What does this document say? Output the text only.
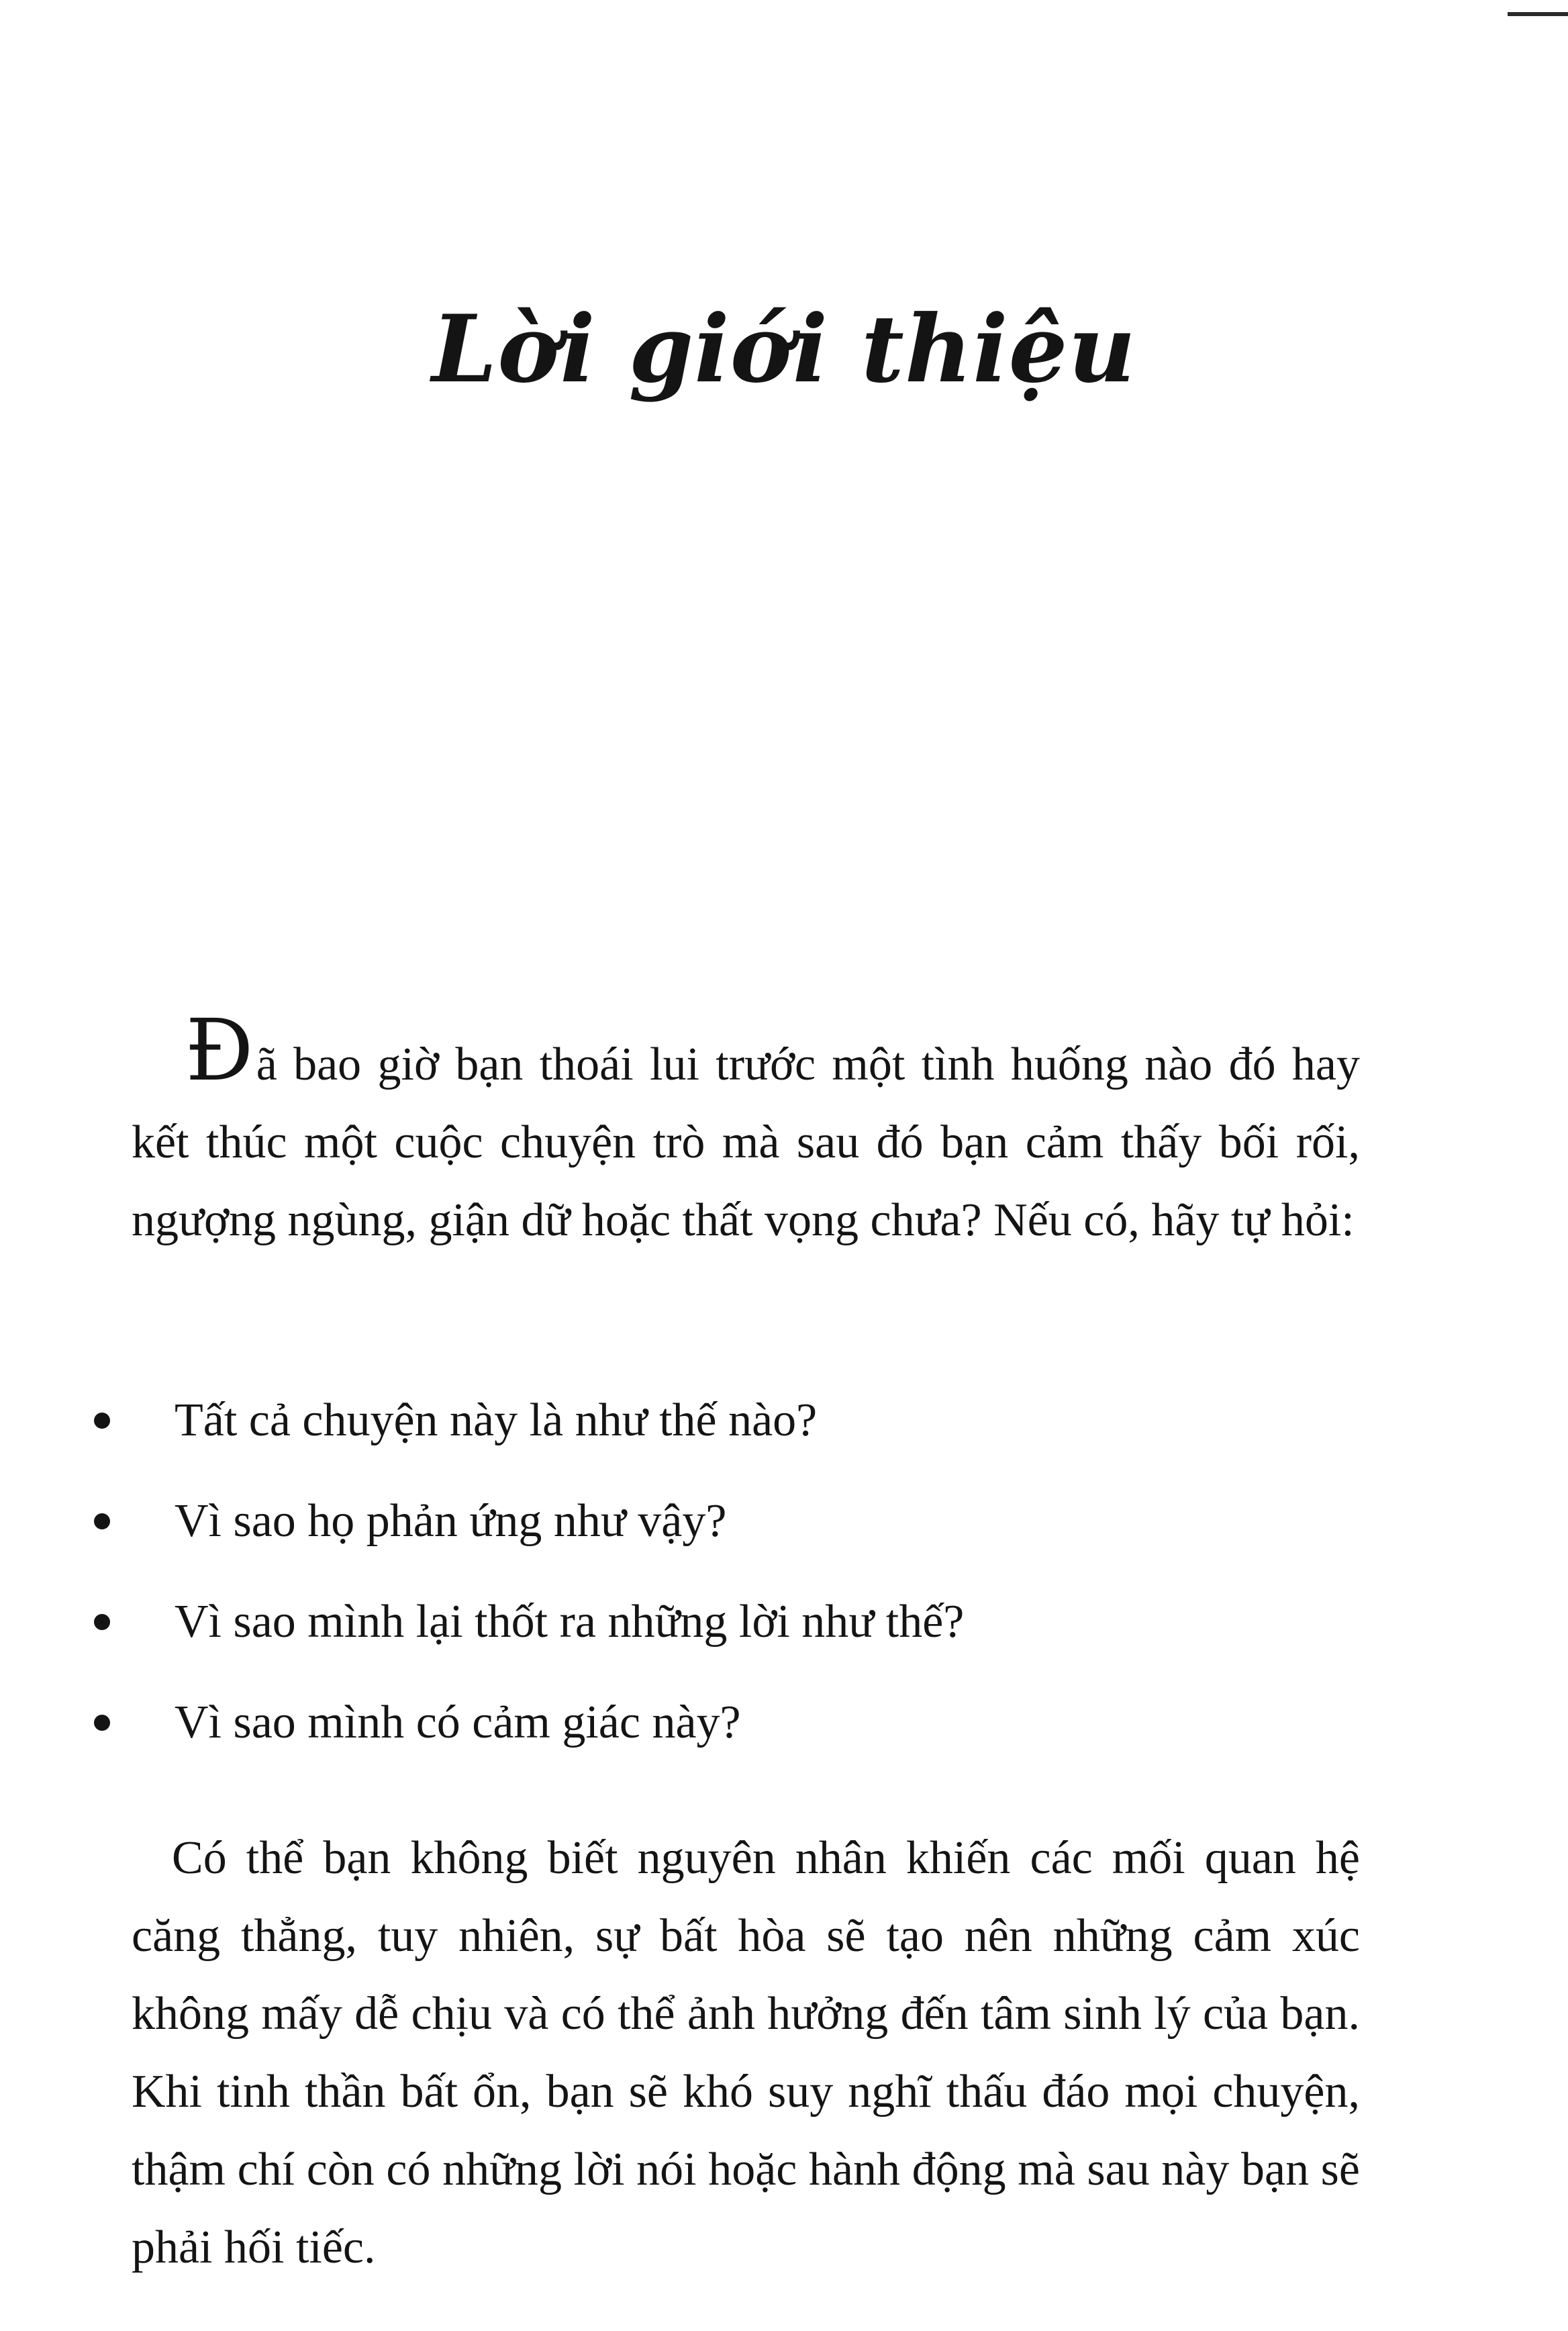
Lời giới thiệu

Đã bao giờ bạn thoái lui trước một tình huống nào đó hay kết thúc một cuộc chuyện trò mà sau đó bạn cảm thấy bối rối, ngượng ngùng, giận dữ hoặc thất vọng chưa? Nếu có, hãy tự hỏi:

Tất cả chuyện này là như thế nào?
Vì sao họ phản ứng như vậy?
Vì sao mình lại thốt ra những lời như thế?
Vì sao mình có cảm giác này?

Có thể bạn không biết nguyên nhân khiến các mối quan hệ căng thẳng, tuy nhiên, sự bất hòa sẽ tạo nên những cảm xúc không mấy dễ chịu và có thể ảnh hưởng đến tâm sinh lý của bạn. Khi tinh thần bất ổn, bạn sẽ khó suy nghĩ thấu đáo mọi chuyện, thậm chí còn có những lời nói hoặc hành động mà sau này bạn sẽ phải hối tiếc.
